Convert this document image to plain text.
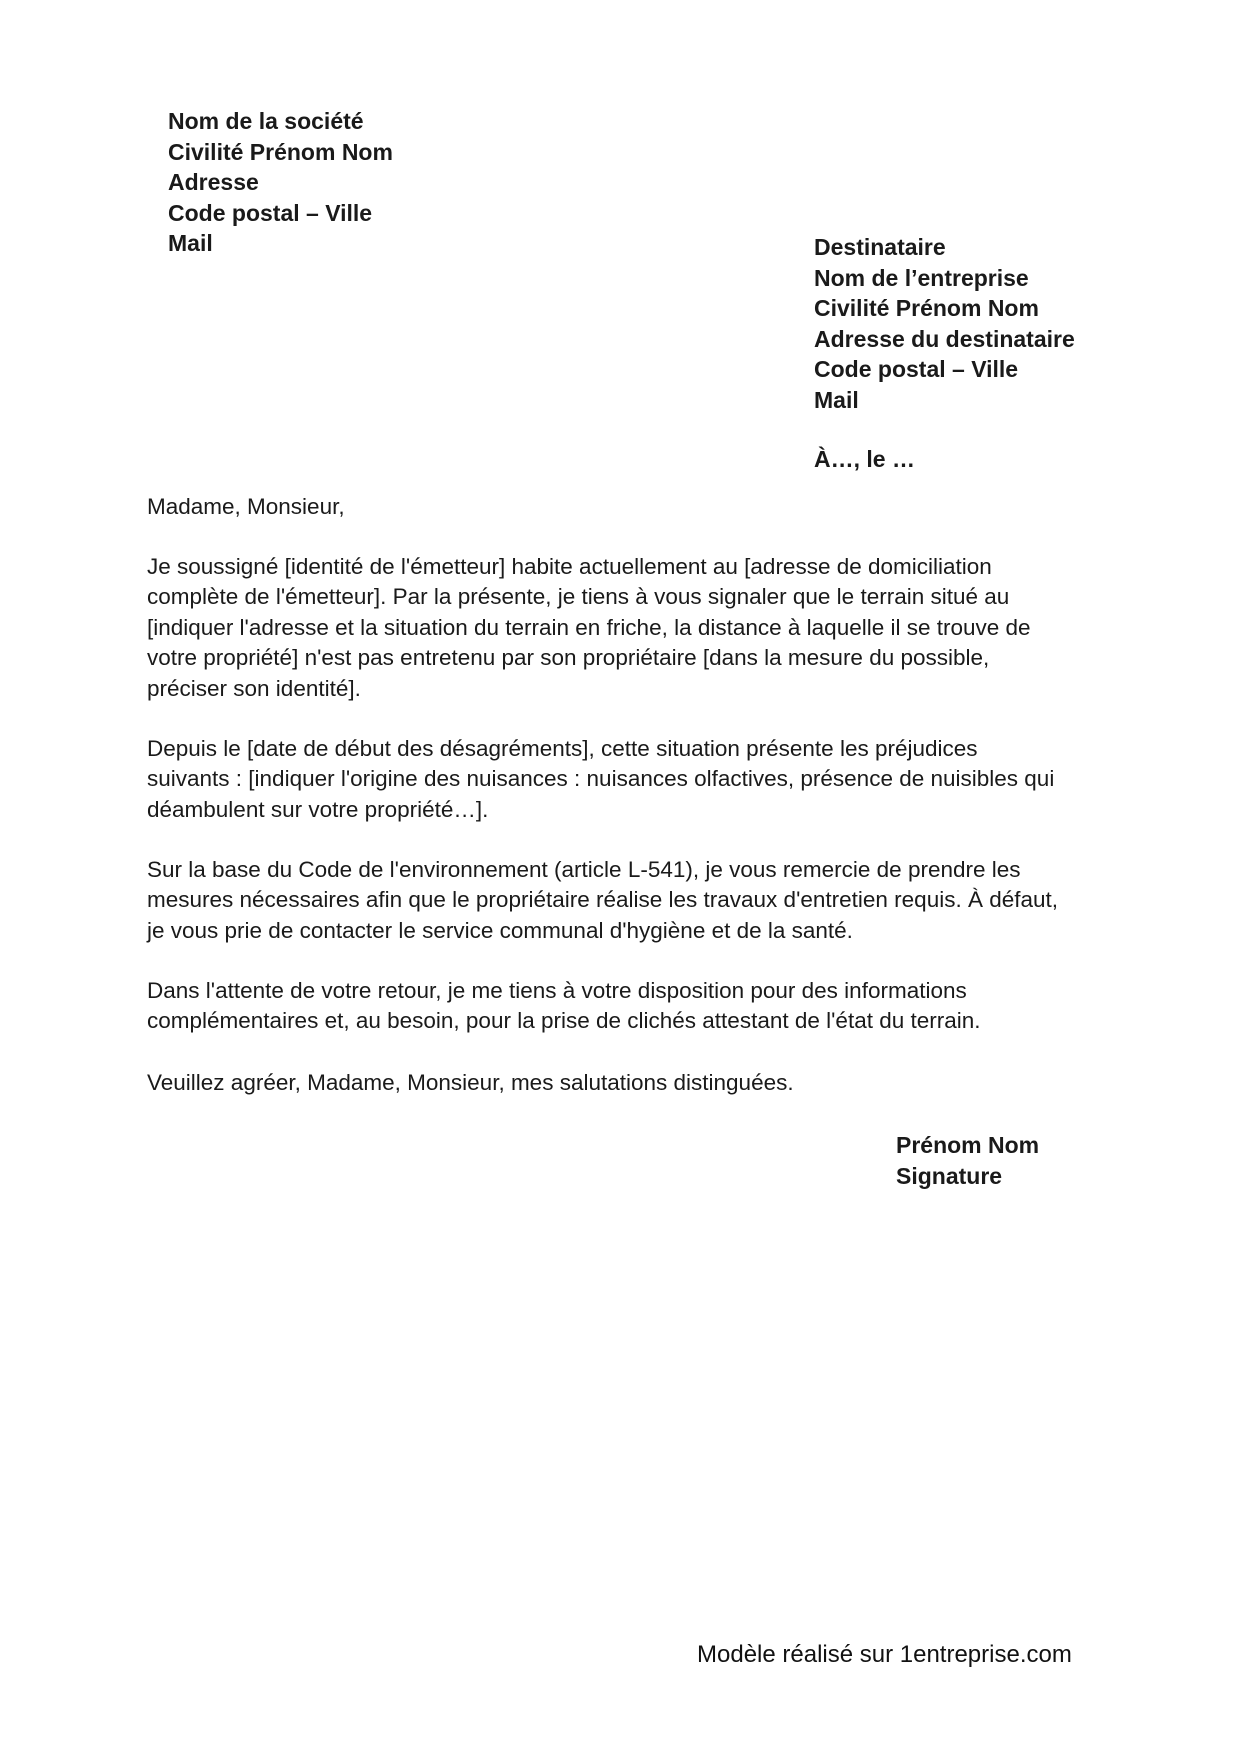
Nom de la société
Civilité Prénom Nom
Adresse
Code postal – Ville
Mail	Destinataire
Nom de l’entreprise
Civilité Prénom Nom
Adresse du destinataire
Code postal – Ville
Mail
À…, le …
Madame, Monsieur,
Je soussigné [identité de l'émetteur] habite actuellement au [adresse de domiciliation
complète de l'émetteur]. Par la présente, je tiens à vous signaler que le terrain situé au
[indiquer l'adresse et la situation du terrain en friche, la distance à laquelle il se trouve de
votre propriété] n'est pas entretenu par son propriétaire [dans la mesure du possible,
préciser son identité].
Depuis le [date de début des désagréments], cette situation présente les préjudices
suivants : [indiquer l'origine des nuisances : nuisances olfactives, présence de nuisibles qui
déambulent sur votre propriété…].
Sur la base du Code de l'environnement (article L-541), je vous remercie de prendre les
mesures nécessaires afin que le propriétaire réalise les travaux d'entretien requis. À défaut,
je vous prie de contacter le service communal d'hygiène et de la santé.
Dans l'attente de votre retour, je me tiens à votre disposition pour des informations
complémentaires et, au besoin, pour la prise de clichés attestant de l'état du terrain.
Veuillez agréer, Madame, Monsieur, mes salutations distinguées.
Prénom Nom
Signature
Modèle réalisé sur 1entreprise.com
